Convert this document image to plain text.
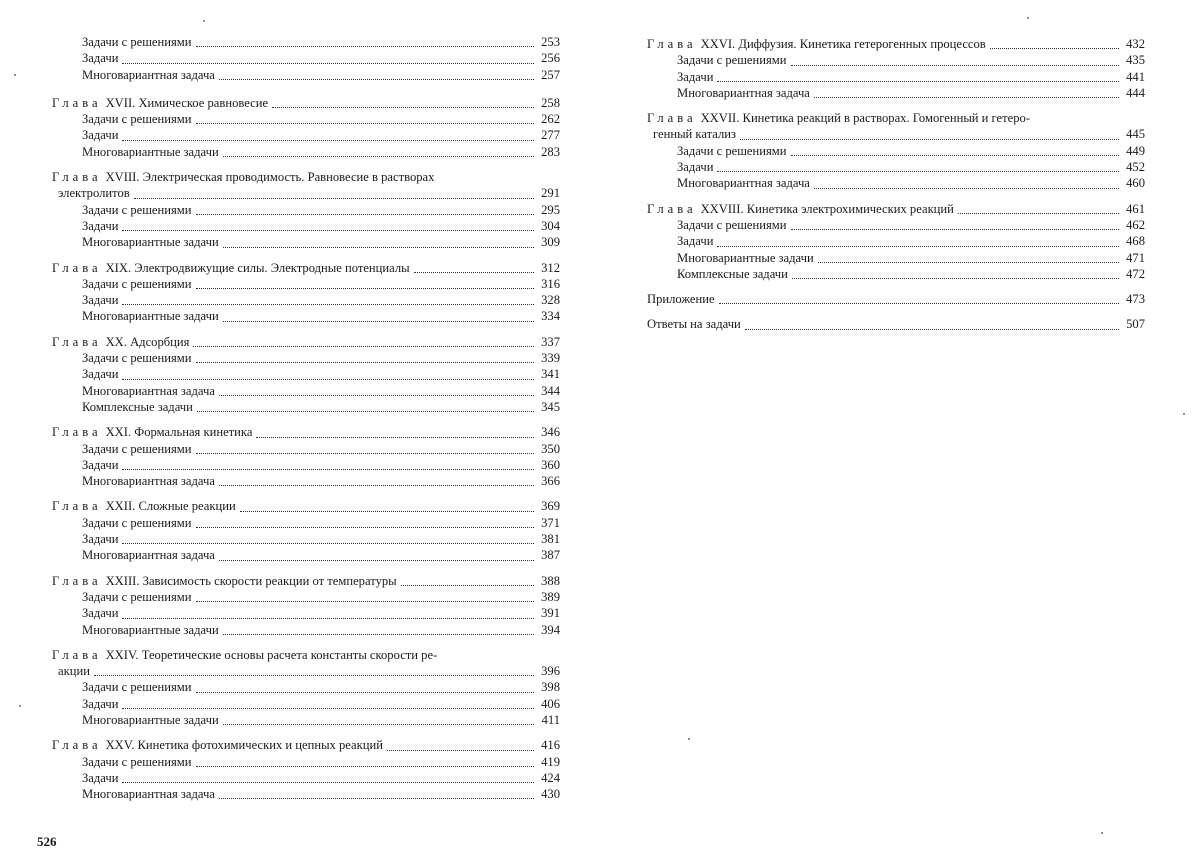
Задачи с решениями	253
Задачи	256
Многовариантная задача	257
Глава XVII. Химическое равновесие	258
Задачи с решениями	262
Задачи	277
Многовариантные задачи	283
Глава XVIII. Электрическая проводимость. Равновесие в растворах
электролитов	291
Задачи с решениями	295
Задачи	304
Многовариантные задачи	309
Глава XIX. Электродвижущие силы. Электродные потенциалы	312
Задачи с решениями	316
Задачи	328
Многовариантные задачи	334
Глава XX. Адсорбция	337
Задачи с решениями	339
Задачи	341
Многовариантная задача	344
Комплексные задачи	345
Глава XXI. Формальная кинетика	346
Задачи с решениями	350
Задачи	360
Многовариантная задача	366
Глава XXII. Сложные реакции	369
Задачи с решениями	371
Задачи	381
Многовариантная задача	387
Глава XXIII. Зависимость скорости реакции от температуры	388
Задачи с решениями	389
Задачи	391
Многовариантные задачи	394
Глава XXIV. Теоретические основы расчета константы скорости ре-
акции	396
Задачи с решениями	398
Задачи	406
Многовариантные задачи	411
Глава XXV. Кинетика фотохимических и цепных реакций	416
Задачи с решениями	419
Задачи	424
Многовариантная задача	430
526
Глава XXVI. Диффузия. Кинетика гетерогенных процессов	432
Задачи с решениями	435
Задачи	441
Многовариантная задача	444
Глава XXVII. Кинетика реакций в растворах. Гомогенный и гетеро-
генный катализ	445
Задачи с решениями	449
Задачи	452
Многовариантная задача	460
Глава XXVIII. Кинетика электрохимических реакций	461
Задачи с решениями	462
Задачи	468
Многовариантные задачи	471
Комплексные задачи	472
Приложение	473
Ответы на задачи	507
